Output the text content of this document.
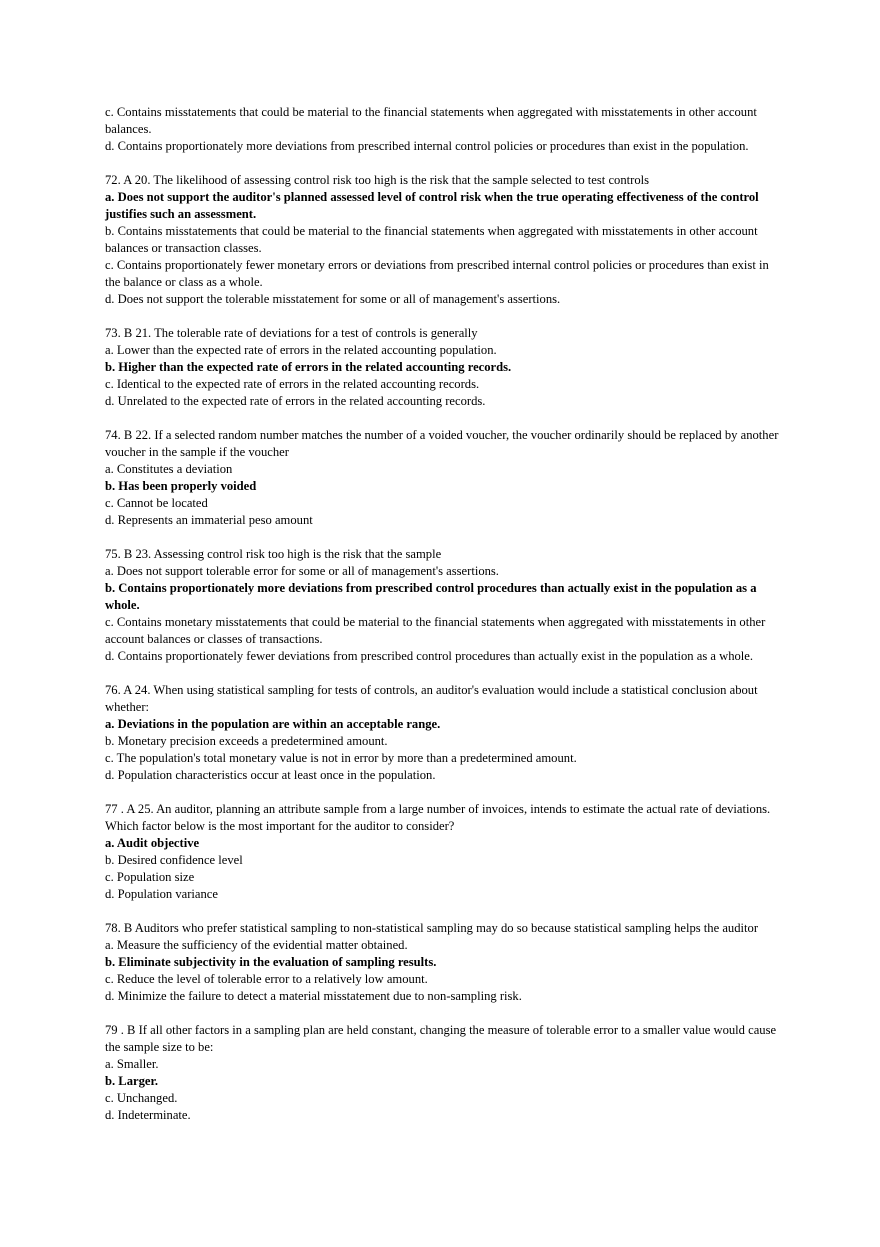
c. Contains misstatements that could be material to the financial statements when aggregated with misstatements in other account balances.
d. Contains proportionately more deviations from prescribed internal control policies or procedures than exist in the population.
72. A 20. The likelihood of assessing control risk too high is the risk that the sample selected to test controls
a. Does not support the auditor's planned assessed level of control risk when the true operating effectiveness of the control justifies such an assessment.
b. Contains misstatements that could be material to the financial statements when aggregated with misstatements in other account balances or transaction classes.
c. Contains proportionately fewer monetary errors or deviations from prescribed internal control policies or procedures than exist in the balance or class as a whole.
d. Does not support the tolerable misstatement for some or all of management's assertions.
73. B 21. The tolerable rate of deviations for a test of controls is generally
a. Lower than the expected rate of errors in the related accounting population.
b. Higher than the expected rate of errors in the related accounting records.
c. Identical to the expected rate of errors in the related accounting records.
d. Unrelated to the expected rate of errors in the related accounting records.
74. B 22. If a selected random number matches the number of a voided voucher, the voucher ordinarily should be replaced by another voucher in the sample if the voucher
a. Constitutes a deviation
b. Has been properly voided
c. Cannot be located
d. Represents an immaterial peso amount
75. B 23. Assessing control risk too high is the risk that the sample
a. Does not support tolerable error for some or all of management's assertions.
b. Contains proportionately more deviations from prescribed control procedures than actually exist in the population as a whole.
c. Contains monetary misstatements that could be material to the financial statements when aggregated with misstatements in other account balances or classes of transactions.
d. Contains proportionately fewer deviations from prescribed control procedures than actually exist in the population as a whole.
76. A 24. When using statistical sampling for tests of controls, an auditor's evaluation would include a statistical conclusion about whether:
a. Deviations in the population are within an acceptable range.
b. Monetary precision exceeds a predetermined amount.
c. The population's total monetary value is not in error by more than a predetermined amount.
d. Population characteristics occur at least once in the population.
77 . A 25. An auditor, planning an attribute sample from a large number of invoices, intends to estimate the actual rate of deviations. Which factor below is the most important for the auditor to consider?
a. Audit objective
b. Desired confidence level
c. Population size
d. Population variance
78. B Auditors who prefer statistical sampling to non-statistical sampling may do so because statistical sampling helps the auditor
a. Measure the sufficiency of the evidential matter obtained.
b. Eliminate subjectivity in the evaluation of sampling results.
c. Reduce the level of tolerable error to a relatively low amount.
d. Minimize the failure to detect a material misstatement due to non-sampling risk.
79 . B If all other factors in a sampling plan are held constant, changing the measure of tolerable error to a smaller value would cause the sample size to be:
a. Smaller.
b. Larger.
c. Unchanged.
d. Indeterminate.
